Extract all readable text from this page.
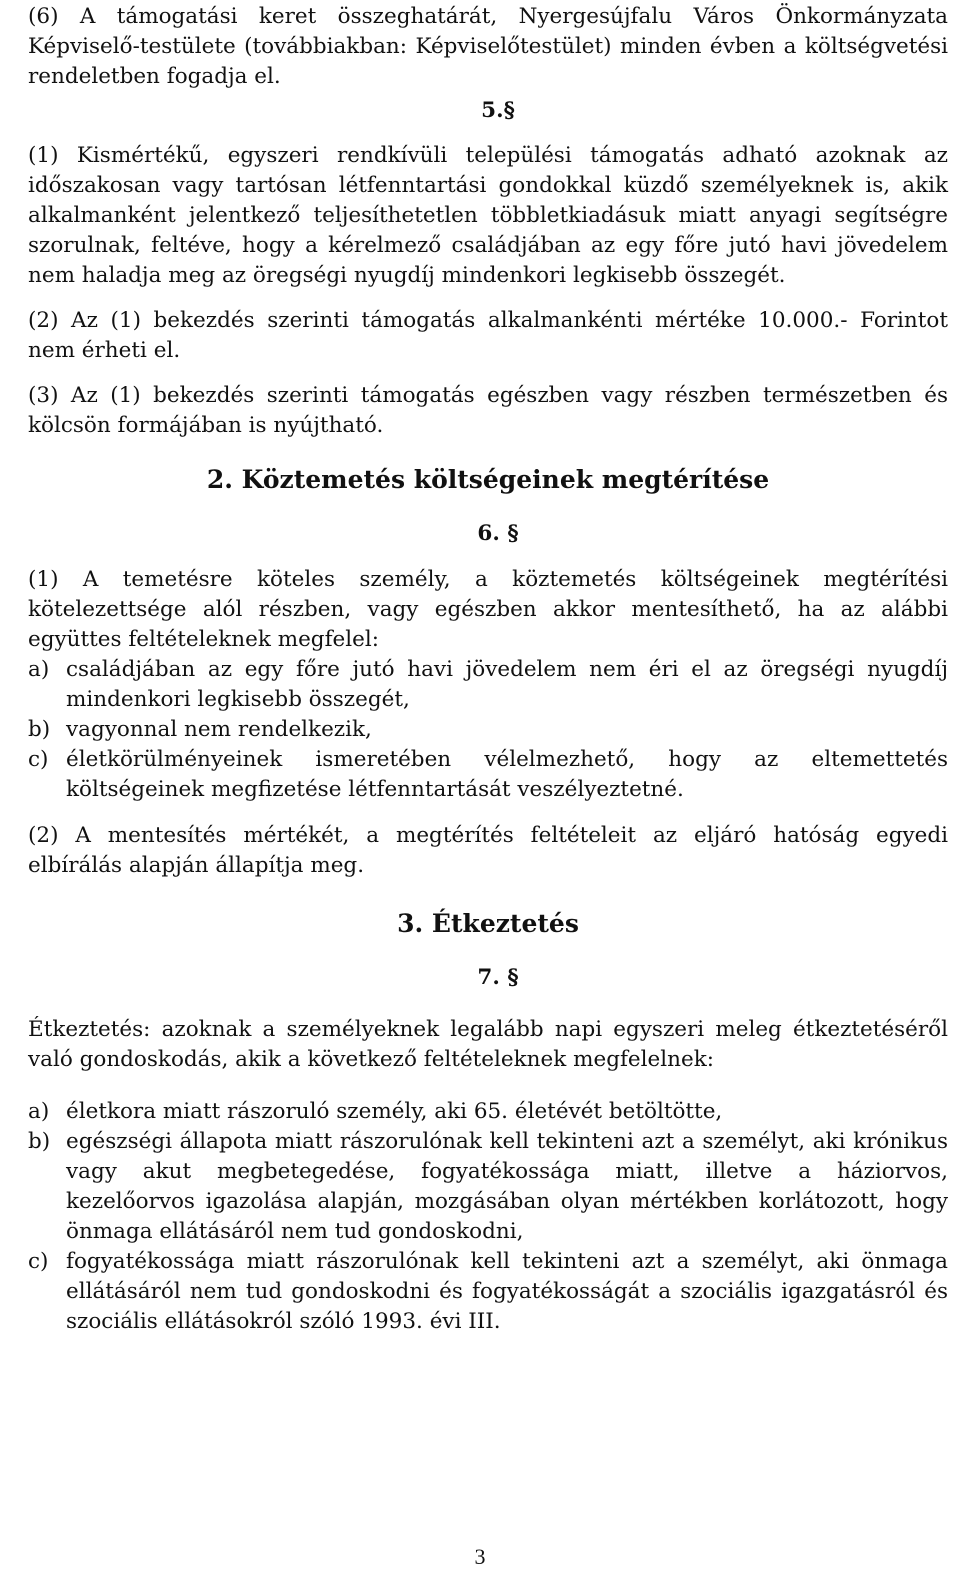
(6) A támogatási keret összeghatárát, Nyergesújfalu Város Önkormányzata Képviselő-testülete (továbbiakban: Képviselőtestület) minden évben a költségvetési rendeletben fogadja el.

5.§

(1) Kismértékű, egyszeri rendkívüli települési támogatás adható azoknak az időszakosan vagy tartósan létfenntartási gondokkal küzdő személyeknek is, akik alkalmanként jelentkező teljesíthetetlen többletkiadásuk miatt anyagi segítségre szorulnak, feltéve, hogy a kérelmező családjában az egy főre jutó havi jövedelem nem haladja meg az öregségi nyugdíj mindenkori legkisebb összegét.

(2) Az (1) bekezdés szerinti támogatás alkalmankénti mértéke 10.000.- Forintot nem érheti el.

(3) Az (1) bekezdés szerinti támogatás egészben vagy részben természetben és kölcsön formájában is nyújtható.

2. Köztemetés költségeinek megtérítése
6. §

(1) A temetésre köteles személy, a köztemetés költségeinek megtérítési kötelezettsége alól részben, vagy egészben akkor mentesíthető, ha az alábbi együttes feltételeknek megfelel:

a) családjában az egy főre jutó havi jövedelem nem éri el az öregségi nyugdíj mindenkori legkisebb összegét,
b) vagyonnal nem rendelkezik,
c) életkörülményeinek ismeretében vélelmezhető, hogy az eltemettetés költségeinek megfizetése létfenntartását veszélyeztetné.

(2) A mentesítés mértékét, a megtérítés feltételeit az eljáró hatóság egyedi elbírálás alapján állapítja meg.

3. Étkeztetés
7. §

Étkeztetés: azoknak a személyeknek legalább napi egyszeri meleg étkeztetéséről való gondoskodás, akik a következő feltételeknek megfelelnek:

a) életkora miatt rászoruló személy, aki 65. életévét betöltötte,
b) egészségi állapota miatt rászorulónak kell tekinteni azt a személyt, aki krónikus vagy akut megbetegedése, fogyatékossága miatt, illetve a háziorvos, kezelőorvos igazolása alapján, mozgásában olyan mértékben korlátozott, hogy önmaga ellátásáról nem tud gondoskodni,
c) fogyatékossága miatt rászorulónak kell tekinteni azt a személyt, aki önmaga ellátásáról nem tud gondoskodni és fogyatékosságát a szociális igazgatásról és szociális ellátásokról szóló 1993. évi III.
3
